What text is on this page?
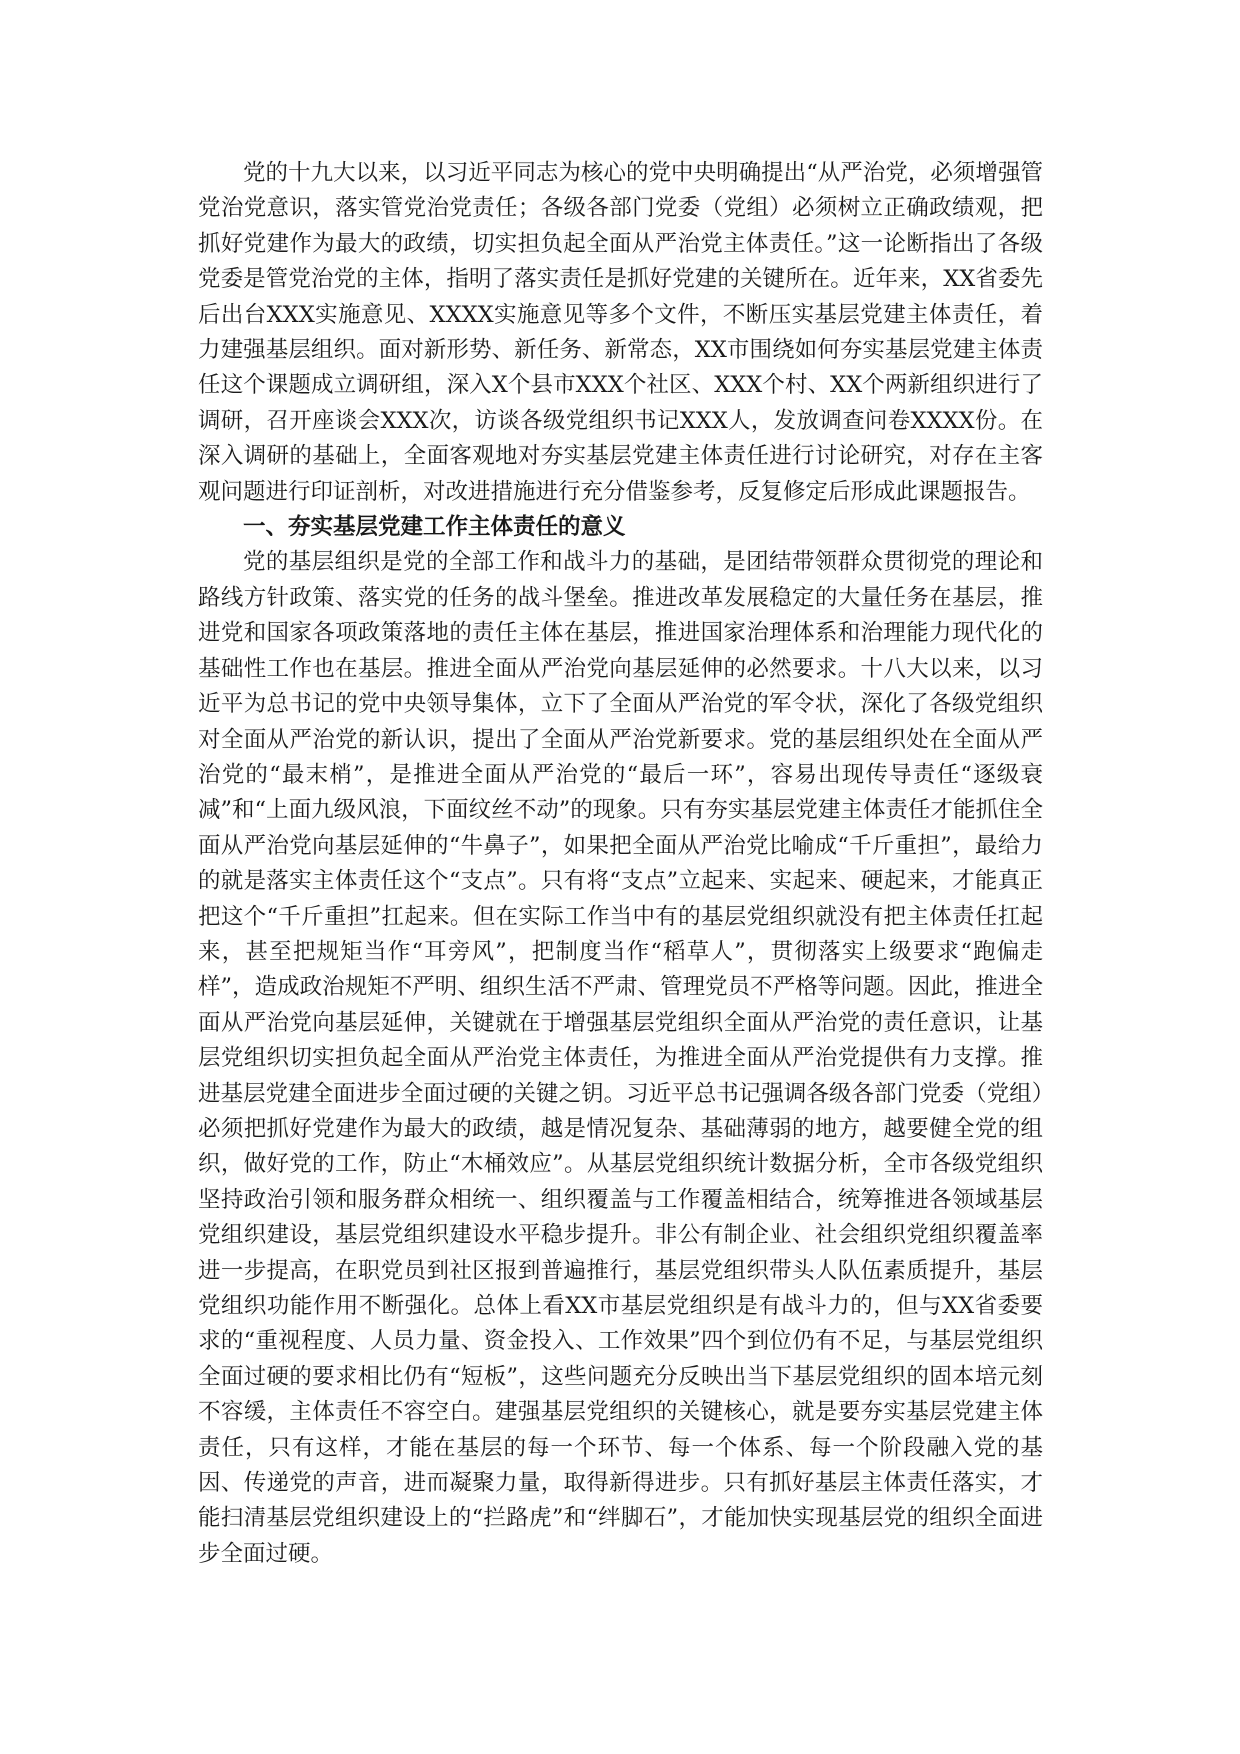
党的十九大以来，以习近平同志为核心的党中央明确提出“从严治党，必须增强管党治党意识，落实管党治党责任；各级各部门党委（党组）必须树立正确政绩观，把抓好党建作为最大的政绩，切实担负起全面从严治党主体责任。”这一论断指出了各级党委是管党治党的主体，指明了落实责任是抓好党建的关键所在。近年来，XX省委先后出台XXX实施意见、XXXX实施意见等多个文件，不断压实基层党建主体责任，着力建强基层组织。面对新形势、新任务、新常态，XX市围绕如何夯实基层党建主体责任这个课题成立调研组，深入X个县市XXX个社区、XXX个村、XX个两新组织进行了调研，召开座谈会XXX次，访谈各级党组织书记XXX人，发放调查问卷XXXX份。在深入调研的基础上，全面客观地对夯实基层党建主体责任进行讨论研究，对存在主客观问题进行印证剖析，对改进措施进行充分借鉴参考，反复修定后形成此课题报告。

一、夯实基层党建工作主体责任的意义

党的基层组织是党的全部工作和战斗力的基础，是团结带领群众贯彻党的理论和路线方针政策、落实党的任务的战斗堡垒。推进改革发展稳定的大量任务在基层，推进党和国家各项政策落地的责任主体在基层，推进国家治理体系和治理能力现代化的基础性工作也在基层。推进全面从严治党向基层延伸的必然要求。十八大以来，以习近平为总书记的党中央领导集体，立下了全面从严治党的军令状，深化了各级党组织对全面从严治党的新认识，提出了全面从严治党新要求。党的基层组织处在全面从严治党的“最末梢”，是推进全面从严治党的“最后一环”，容易出现传导责任“逐级衰减”和“上面九级风浪，下面纹丝不动”的现象。只有夯实基层党建主体责任才能抓住全面从严治党向基层延伸的“牛鼻子”，如果把全面从严治党比喻成“千斤重担”，最给力的就是落实主体责任这个“支点”。只有将“支点”立起来、实起来、硬起来，才能真正把这个“千斤重担”扛起来。但在实际工作当中有的基层党组织就没有把主体责任扛起来，甚至把规矩当作“耳旁风”，把制度当作“稻草人”，贯彻落实上级要求“跑偏走样”，造成政治规矩不严明、组织生活不严肃、管理党员不严格等问题。因此，推进全面从严治党向基层延伸，关键就在于增强基层党组织全面从严治党的责任意识，让基层党组织切实担负起全面从严治党主体责任，为推进全面从严治党提供有力支撑。推进基层党建全面进步全面过硬的关键之钥。习近平总书记强调各级各部门党委（党组）必须把抓好党建作为最大的政绩，越是情况复杂、基础薄弱的地方，越要健全党的组织，做好党的工作，防止“木桶效应”。从基层党组织统计数据分析，全市各级党组织坚持政治引领和服务群众相统一、组织覆盖与工作覆盖相结合，统筹推进各领域基层党组织建设，基层党组织建设水平稳步提升。非公有制企业、社会组织党组织覆盖率进一步提高，在职党员到社区报到普遍推行，基层党组织带头人队伍素质提升，基层党组织功能作用不断强化。总体上看XX市基层党组织是有战斗力的，但与XX省委要求的“重视程度、人员力量、资金投入、工作效果”四个到位仍有不足，与基层党组织全面过硬的要求相比仍有“短板”，这些问题充分反映出当下基层党组织的固本培元刻不容缓，主体责任不容空白。建强基层党组织的关键核心，就是要夯实基层党建主体责任，只有这样，才能在基层的每一个环节、每一个体系、每一个阶段融入党的基因、传递党的声音，进而凝聚力量，取得新得进步。只有抓好基层主体责任落实，才能扫清基层党组织建设上的“拦路虎”和“绊脚石”，才能加快实现基层党的组织全面进步全面过硬。
